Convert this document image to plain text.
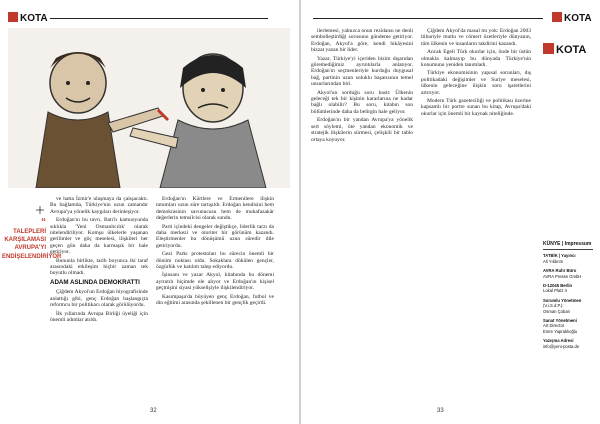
KOTA
“
TALEPLERİ
KARŞILAMASI
AVRUPA'YI
ENDİŞELENDİRİYOR

ve hatta İzmir'e ulaşmaya da çalışacaktı. Bu bağlamda, Türkiye'nin uzun zamandır Avrupa'ya yönelik kaygıları derinleşiyor.

Erdoğan'ın bu tavrı, Batı'lı kamuoyunda sıklıkla 'Yeni Osmanlıcılık' olarak nitelendiriliyor. Komşu ülkelerle yaşanan gerilimler ve göç meselesi, ilişkileri her geçen gün daha da karmaşık bir hale getiriyor.

Bununla birlikte, tarih boyunca iki taraf arasındaki etkileşim hiçbir zaman tek boyutlu olmadı.

ADAM ASLINDA DEMOKRATTI

Çiğdem Akyol'un Erdoğan biyografisinde anlattığı gibi, genç Erdoğan başlangıçta reformcu bir politikacı olarak görülüyordu.

İlk yıllarında Avrupa Birliği üyeliği için önemli adımlar atıldı.

Erdoğan'ın Kürtlere ve Ermenilere ilişkin tutumları uzun süre tartışıldı. Erdoğan kendisini hem demokrasinin savunucusu hem de muhafazakâr değerlerin temsilcisi olarak sundu.

Parti içindeki dengeler değiştikçe, liderlik tarzı da daha merkezi ve otoriter bir görünüm kazandı. Eleştirmenler bu dönüşümü uzun süredir dile getiriyordu.

Gezi Parkı protestoları bu sürecin önemli bir dönüm noktası oldu. Sokaklara dökülen gençler, özgürlük ve katılım talep ediyordu.

İşinsanı ve yazar Akyol, kitabında bu dönemi ayrıntılı biçimde ele alıyor ve Erdoğan'ın kişisel geçmişini siyasi yükselişiyle ilişkilendiriyor.

Kasımpaşa'da büyüyen genç Erdoğan, futbol ve din eğitimi arasında şekillenen bir gençlik geçirdi.

32
KOTA

ilerlemesi, yalnızca onun rezidansı ne denli sembolleştirdiği sorusunu gündeme getiriyor. Erdoğan, Akyol'a göre, kendi hikâyesini bizzat yazan bir lider.

Yazar, Türkiye'yi içeriden bizim dışarıdan göremediğimiz ayrıntılarla anlatıyor. Erdoğan'ın seçmenleriyle kurduğu duygusal bağ, partinin uzun soluklu başarısının temel unsurlarından biri.

Akyol'un sorduğu soru basit: Ülkenin geleceği tek bir kişinin kararlarına ne kadar bağlı olabilir? Bu soru, kitabın son bölümlerinde daha da belirgin hale geliyor.

Erdoğan'ın bir yandan Avrupa'ya yönelik sert söylemi, öte yandan ekonomik ve stratejik ilişkilerin sürmesi, çelişkili bir tablo ortaya koyuyor.

Çiğdem Akyol'da masal mı yok: Erdoğan 2003 itibariyle mutlu ve cömert özetleriyle dünyanın, tüm ülkenin ve insanların takdirini kazandı.

Ancak Egeli Türk okurlar için, önde bir üstün olmakla kalmayıp bu dünyada Türkiye'nin konumunu yeniden tanımladı.

Türkiye ekonomisinin yapısal sorunları, dış politikadaki değişimler ve Suriye meselesi, ülkenin geleceğine ilişkin soru işaretlerini artırıyor.

Modern Türk gazeteciliği ve politikası üzerine kapsamlı bir portre sunan bu kitap, Avrupa'daki okurlar için önemli bir kaynak niteliğinde.

KOTA
KÜNYE | Impressum
TATBİK | Yayıncı
Ali Yıldırım
AVRA Ruhr Büro
AVRA Presse GmbH
D-12045 Berlin
Lokal Platz 4
Sorumlu Yönetmen
(V.i.S.d.P.):
Osman Çoban
Sanat Yönetmeni
Art Director
Emre Yapraklıoğlu
Yazışma Adresi
info@yeni-posta.de
33
